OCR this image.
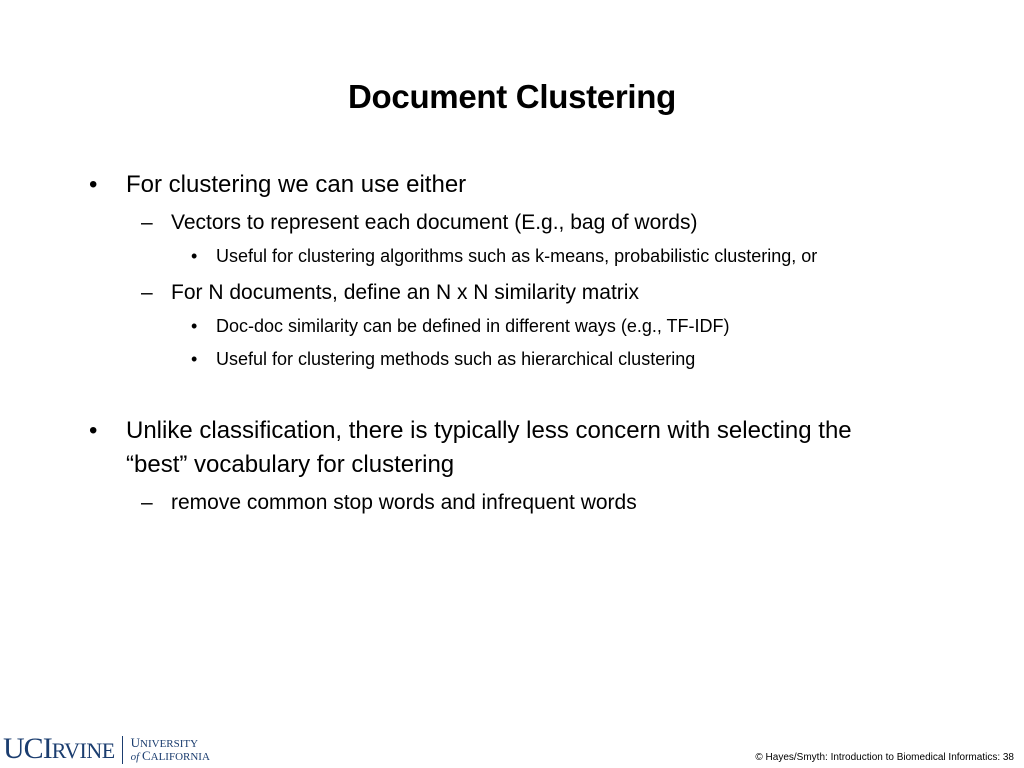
Document Clustering
• For clustering we can use either
– Vectors to represent each document (E.g., bag of words)
• Useful for clustering algorithms such as k-means, probabilistic clustering, or
– For N documents, define an N x N similarity matrix
• Doc-doc similarity can be defined in different ways (e.g., TF-IDF)
• Useful for clustering methods such as hierarchical clustering
• Unlike classification, there is typically less concern with selecting the
“best” vocabulary for clustering
– remove common stop words and infrequent words
UCIRVINE UNIVERSITY
of CALIFORNIA	© Hayes/Smyth: Introduction to Biomedical Informatics: 38
